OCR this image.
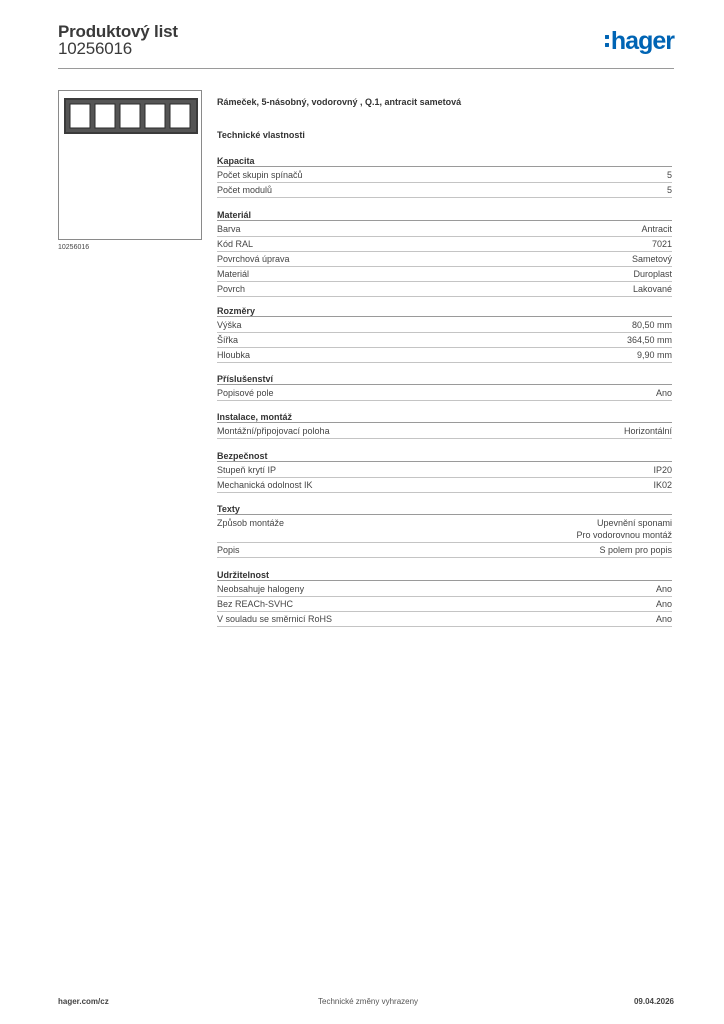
Produktový list
10256016	hager
10256016
Rámeček, 5-násobný, vodorovný , Q.1, antracit sametová
Technické vlastnosti
Kapacita
Počet skupin spínačů	5
Počet modulů	5
Materiál
Barva	Antracit
Kód RAL	7021
Povrchová úprava	Sametový
Materiál	Duroplast
Povrch	Lakované
Rozměry
Výška	80,50 mm
Šířka	364,50 mm
Hloubka	9,90 mm
Příslušenství
Popisové pole	Ano
Instalace, montáž
Montážní/připojovací poloha	Horizontální
Bezpečnost
Stupeň krytí IP	IP20
Mechanická odolnost IK	IK02
Texty
Způsob montáže	Upevnění sponami
Pro vodorovnou montáž
Popis	S polem pro popis
Udržitelnost
Neobsahuje halogeny	Ano
Bez REACh-SVHC	Ano
V souladu se směrnicí RoHS	Ano
hager.com/cz	Technické změny vyhrazeny	09.04.2026
